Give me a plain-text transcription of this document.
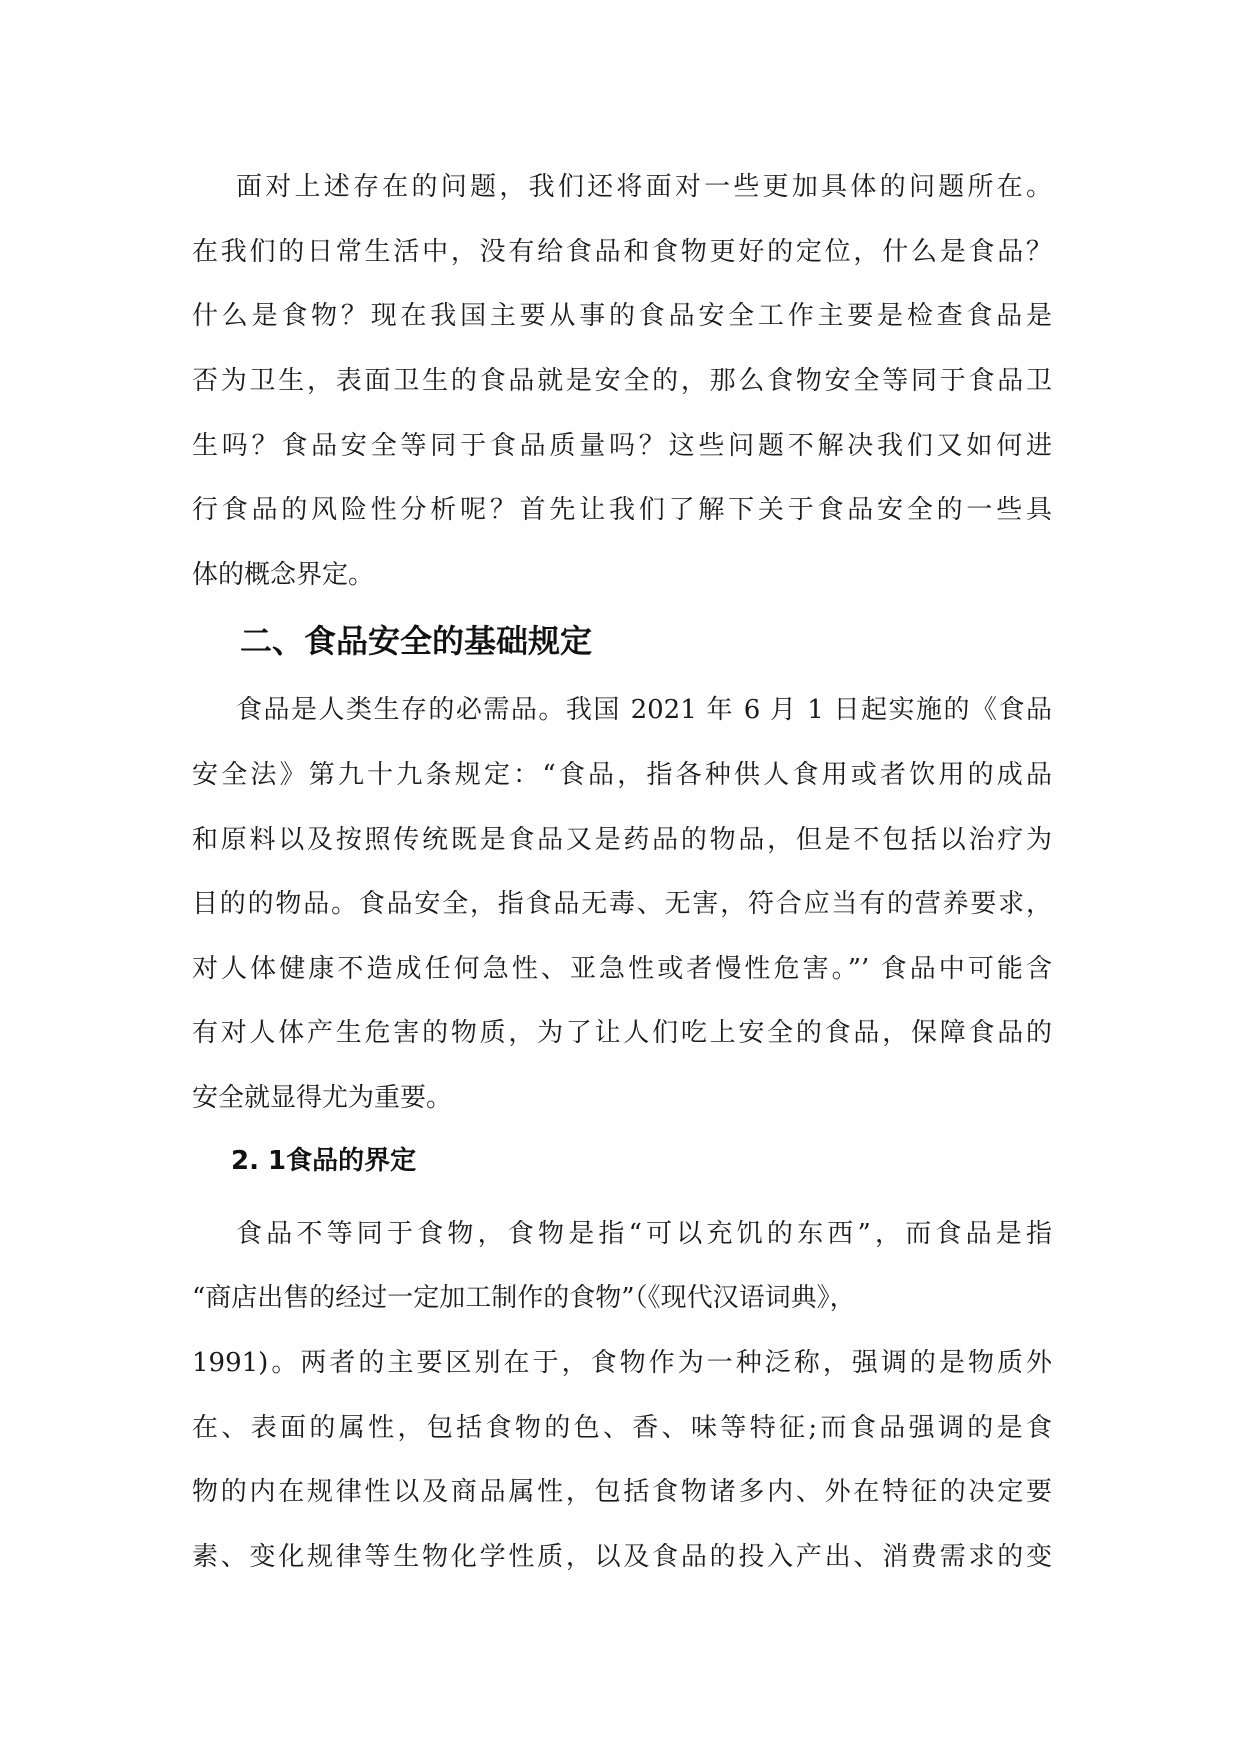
面对上述存在的问题，我们还将面对一些更加具体的问题所在。
在我们的日常生活中，没有给食品和食物更好的定位，什么是食品？
什么是食物？现在我国主要从事的食品安全工作主要是检查食品是
否为卫生，表面卫生的食品就是安全的，那么食物安全等同于食品卫
生吗？食品安全等同于食品质量吗？这些问题不解决我们又如何进
行食品的风险性分析呢？首先让我们了解下关于食品安全的一些具
体的概念界定。
二、食品安全的基础规定
食品是人类生存的必需品。我国 2021 年 6 月 1 日起实施的《食品
安全法》第九十九条规定：“食品，指各种供人食用或者饮用的成品
和原料以及按照传统既是食品又是药品的物品，但是不包括以治疗为
目的的物品。食品安全，指食品无毒、无害，符合应当有的营养要求，
对人体健康不造成任何急性、亚急性或者慢性危害。”’ 食品中可能含
有对人体产生危害的物质，为了让人们吃上安全的食品，保障食品的
安全就显得尤为重要。
2. 1食品的界定
食品不等同于食物，食物是指“可以充饥的东西”，而食品是指
“商店出售的经过一定加工制作的食物”（《现代汉语词典》，
1991)。两者的主要区别在于，食物作为一种泛称，强调的是物质外
在、表面的属性，包括食物的色、香、味等特征;而食品强调的是食
物的内在规律性以及商品属性，包括食物诸多内、外在特征的决定要
素、变化规律等生物化学性质，以及食品的投入产出、消费需求的变
